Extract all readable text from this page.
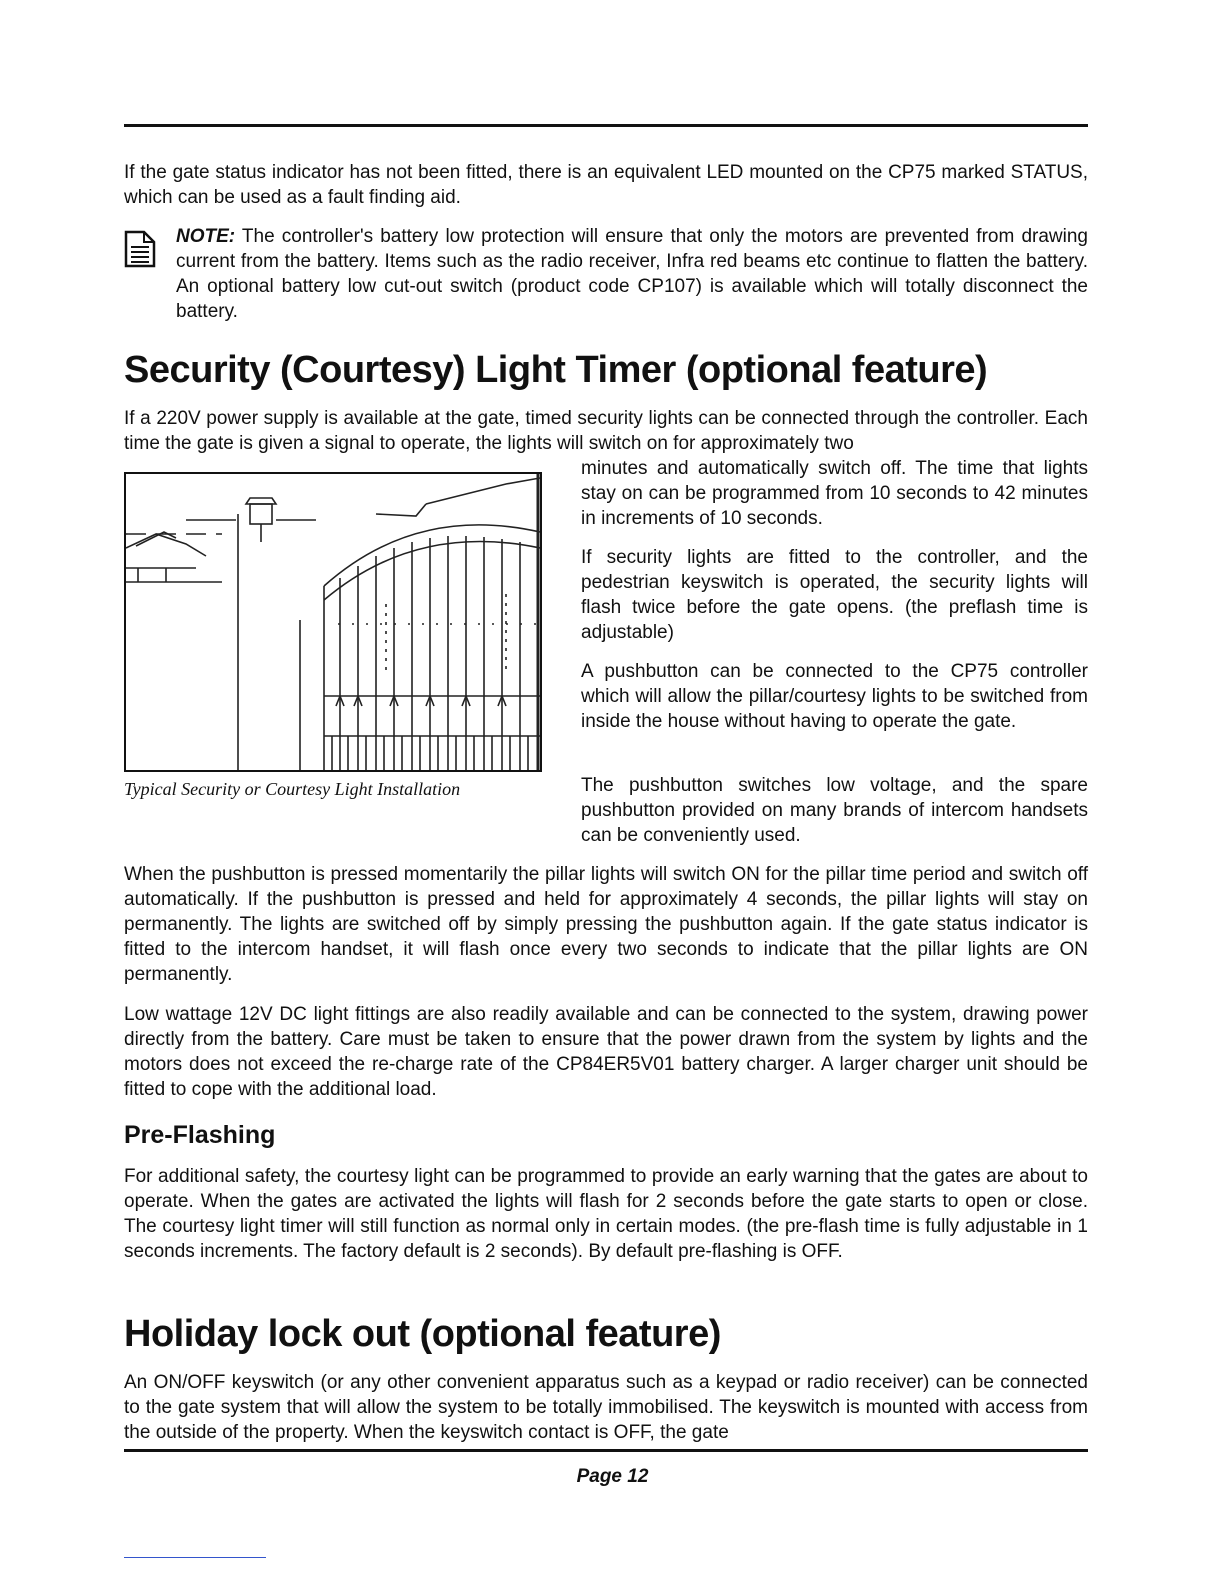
If the gate status indicator has not been fitted, there is an equivalent LED mounted on the CP75 marked STATUS, which can be used as a fault finding aid.

NOTE: The controller's battery low protection will ensure that only the motors are prevented from drawing current from the battery. Items such as the radio receiver, Infra red beams etc continue to flatten the battery. An optional battery low cut-out switch (product code CP107) is available which will totally disconnect the battery.

Security (Courtesy) Light Timer (optional feature)

If a 220V power supply is available at the gate, timed security lights can be connected through the controller. Each time the gate is given a signal to operate, the lights will switch on for approximately two

Typical Security or Courtesy Light Installation

minutes and automatically switch off. The time that lights stay on can be programmed from 10 seconds to 42 minutes in increments of 10 seconds.

If security lights are fitted to the controller, and the pedestrian keyswitch is operated, the security lights will flash twice before the gate opens. (the preflash time is adjustable)

A pushbutton can be connected to the CP75 controller which will allow the pillar/courtesy lights to be switched from inside the house without having to operate the gate.

The pushbutton switches low voltage, and the spare pushbutton provided on many brands of intercom handsets can be conveniently used.

When the pushbutton is pressed momentarily the pillar lights will switch ON for the pillar time period and switch off automatically. If the pushbutton is pressed and held for approximately 4 seconds, the pillar lights will stay on permanently. The lights are switched off by simply pressing the pushbutton again. If the gate status indicator is fitted to the intercom handset, it will flash once every two seconds to indicate that the pillar lights are ON permanently.

Low wattage 12V DC light fittings are also readily available and can be connected to the system, drawing power directly from the battery. Care must be taken to ensure that the power drawn from the system by lights and the motors does not exceed the re-charge rate of the CP84ER5V01 battery charger. A larger charger unit should be fitted to cope with the additional load.

Pre-Flashing

For additional safety, the courtesy light can be programmed to provide an early warning that the gates are about to operate. When the gates are activated the lights will flash for 2 seconds before the gate starts to open or close. The courtesy light timer will still function as normal only in certain modes. (the pre-flash time is fully adjustable in 1 seconds increments. The factory default is 2 seconds). By default pre-flashing is OFF.

Holiday lock out (optional feature)

An ON/OFF keyswitch (or any other convenient apparatus such as a keypad or radio receiver) can be connected to the gate system that will allow the system to be totally immobilised. The keyswitch is mounted with access from the outside of the property. When the keyswitch contact is OFF, the gate

Page 12
